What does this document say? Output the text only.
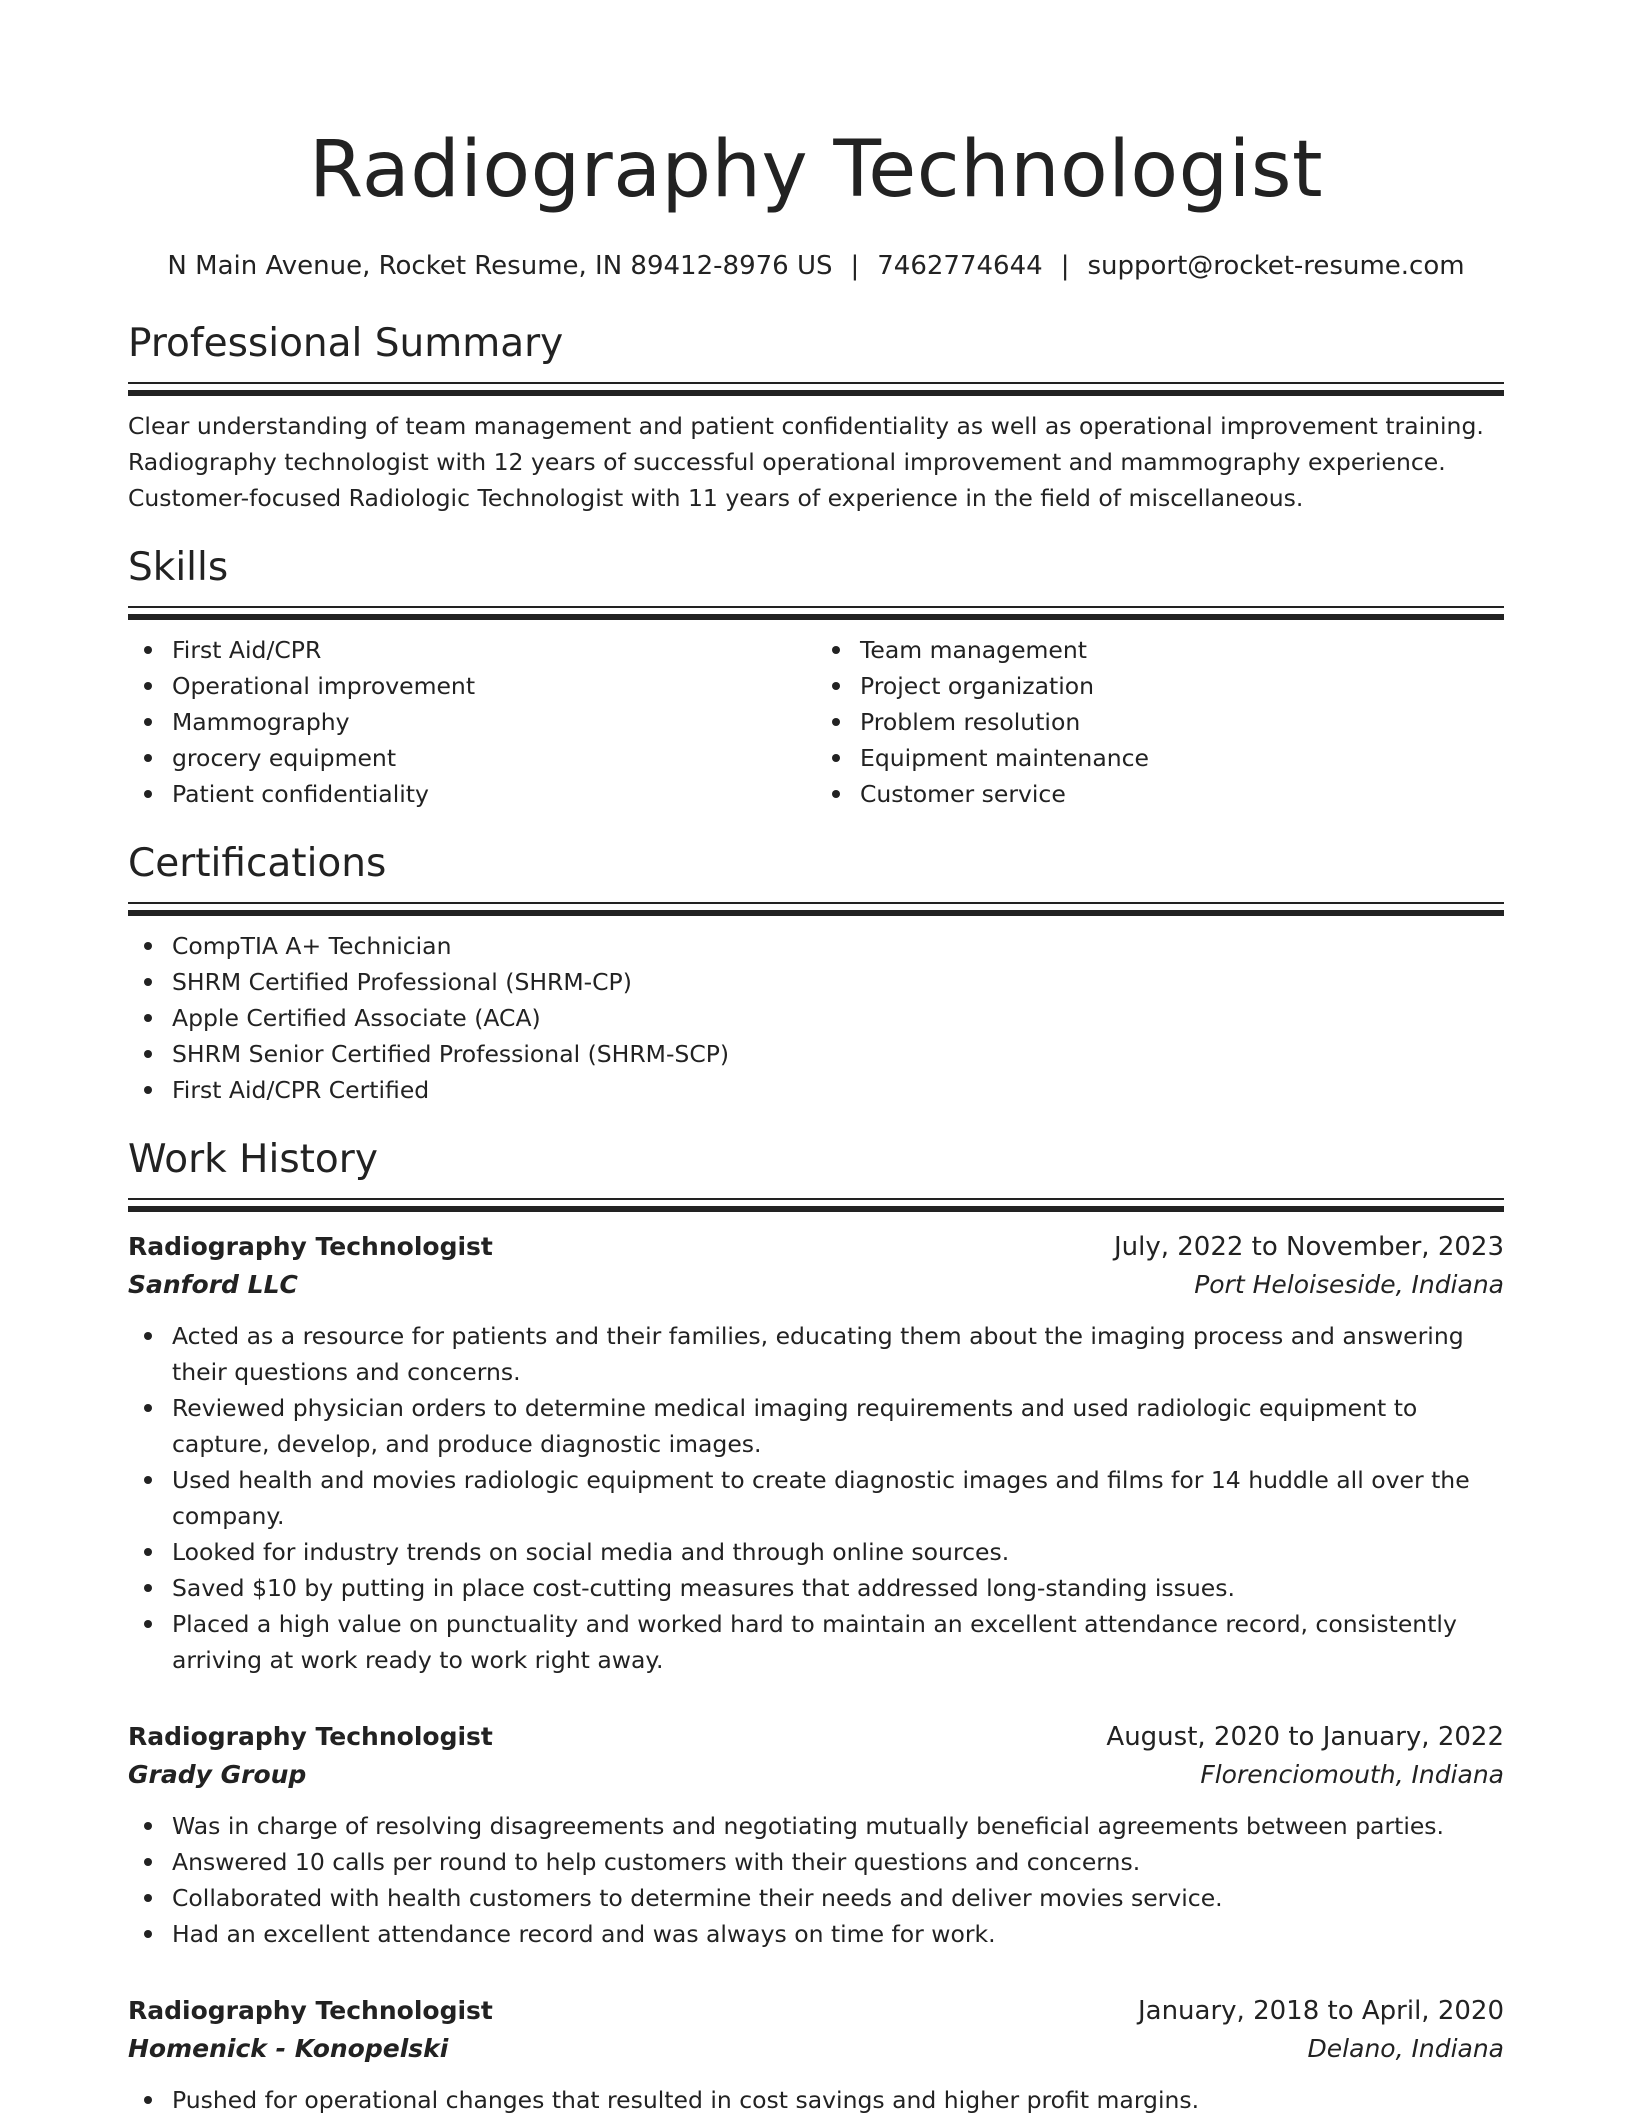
Radiography Technologist
N Main Avenue, Rocket Resume, IN 89412-8976 US | 7462774644 | support@rocket-resume.com
Professional Summary
Clear understanding of team management and patient confidentiality as well as operational improvement training. Radiography technologist with 12 years of successful operational improvement and mammography experience. Customer-focused Radiologic Technologist with 11 years of experience in the field of miscellaneous.
Skills
First Aid/CPR
Operational improvement
Mammography
grocery equipment
Patient confidentiality
Team management
Project organization
Problem resolution
Equipment maintenance
Customer service
Certifications
CompTIA A+ Technician
SHRM Certified Professional (SHRM-CP)
Apple Certified Associate (ACA)
SHRM Senior Certified Professional (SHRM-SCP)
First Aid/CPR Certified
Work History
Radiography Technologist	July, 2022 to November, 2023
Sanford LLC	Port Heloiseside, Indiana
Acted as a resource for patients and their families, educating them about the imaging process and answering their questions and concerns.
Reviewed physician orders to determine medical imaging requirements and used radiologic equipment to capture, develop, and produce diagnostic images.
Used health and movies radiologic equipment to create diagnostic images and films for 14 huddle all over the company.
Looked for industry trends on social media and through online sources.
Saved $10 by putting in place cost-cutting measures that addressed long-standing issues.
Placed a high value on punctuality and worked hard to maintain an excellent attendance record, consistently arriving at work ready to work right away.
Radiography Technologist	August, 2020 to January, 2022
Grady Group	Florenciomouth, Indiana
Was in charge of resolving disagreements and negotiating mutually beneficial agreements between parties.
Answered 10 calls per round to help customers with their questions and concerns.
Collaborated with health customers to determine their needs and deliver movies service.
Had an excellent attendance record and was always on time for work.
Radiography Technologist	January, 2018 to April, 2020
Homenick - Konopelski	Delano, Indiana
Pushed for operational changes that resulted in cost savings and higher profit margins.
